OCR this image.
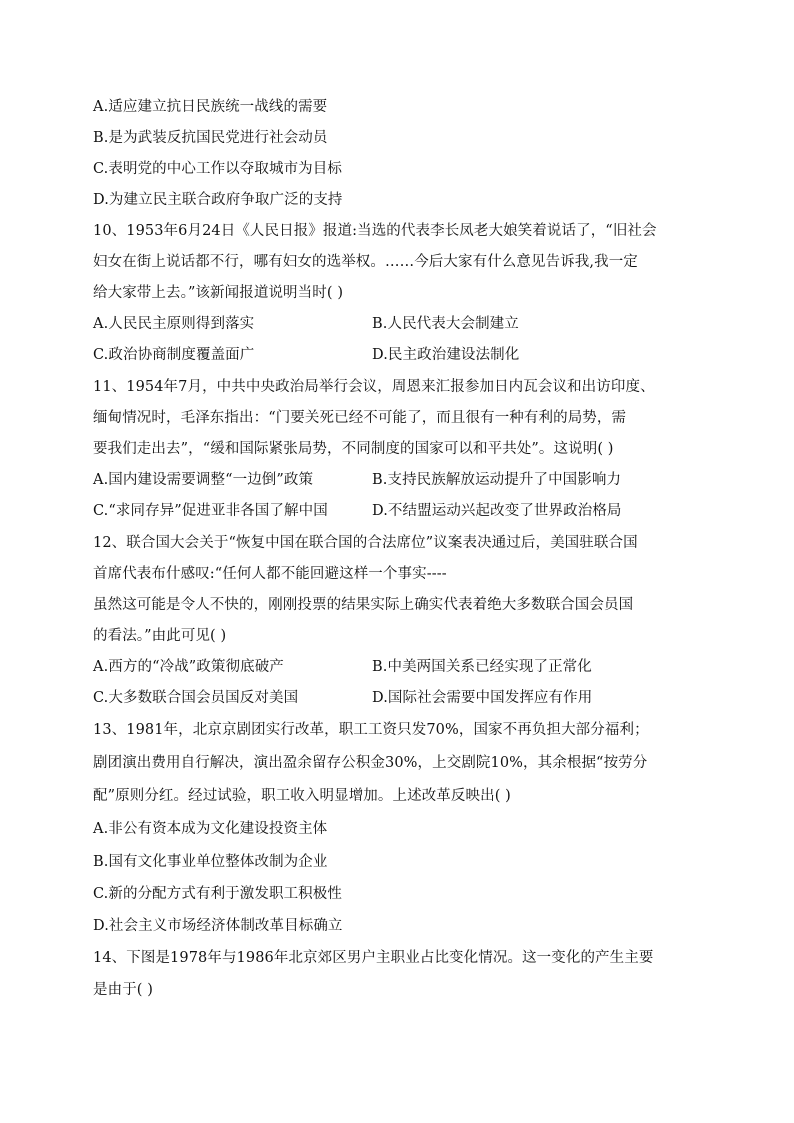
A.适应建立抗日民族统一战线的需要
B.是为武装反抗国民党进行社会动员
C.表明党的中心工作以夺取城市为目标
D.为建立民主联合政府争取广泛的支持
10、1953年6月24日《人民日报》报道:当选的代表李长凤老大娘笑着说话了，“旧社会
妇女在街上说话都不行，哪有妇女的选举权。……今后大家有什么意见告诉我,我一定
给大家带上去。”该新闻报道说明当时( )
A.人民民主原则得到落实	B.人民代表大会制建立
C.政治协商制度覆盖面广	D.民主政治建设法制化
11、1954年7月，中共中央政治局举行会议，周恩来汇报参加日内瓦会议和出访印度、
缅甸情况时，毛泽东指出：“门要关死已经不可能了，而且很有一种有利的局势，需
要我们走出去”，“缓和国际紧张局势，不同制度的国家可以和平共处”。这说明( )
A.国内建设需要调整“一边倒”政策	B.支持民族解放运动提升了中国影响力
C.“求同存异”促进亚非各国了解中国	D.不结盟运动兴起改变了世界政治格局
12、联合国大会关于“恢复中国在联合国的合法席位”议案表决通过后，美国驻联合国
首席代表布什感叹:“任何人都不能回避这样一个事实----
虽然这可能是令人不快的，刚刚投票的结果实际上确实代表着绝大多数联合国会员国
的看法。”由此可见( )
A.西方的“冷战”政策彻底破产	B.中美两国关系已经实现了正常化
C.大多数联合国会员国反对美国	D.国际社会需要中国发挥应有作用
13、1981年，北京京剧团实行改革，职工工资只发70%，国家不再负担大部分福利；
剧团演出费用自行解决，演出盈余留存公积金30%，上交剧院10%，其余根据“按劳分
配”原则分红。经过试验，职工收入明显增加。上述改革反映出( )
A.非公有资本成为文化建设投资主体
B.国有文化事业单位整体改制为企业
C.新的分配方式有利于激发职工积极性
D.社会主义市场经济体制改革目标确立
14、下图是1978年与1986年北京郊区男户主职业占比变化情况。这一变化的产生主要
是由于( )
